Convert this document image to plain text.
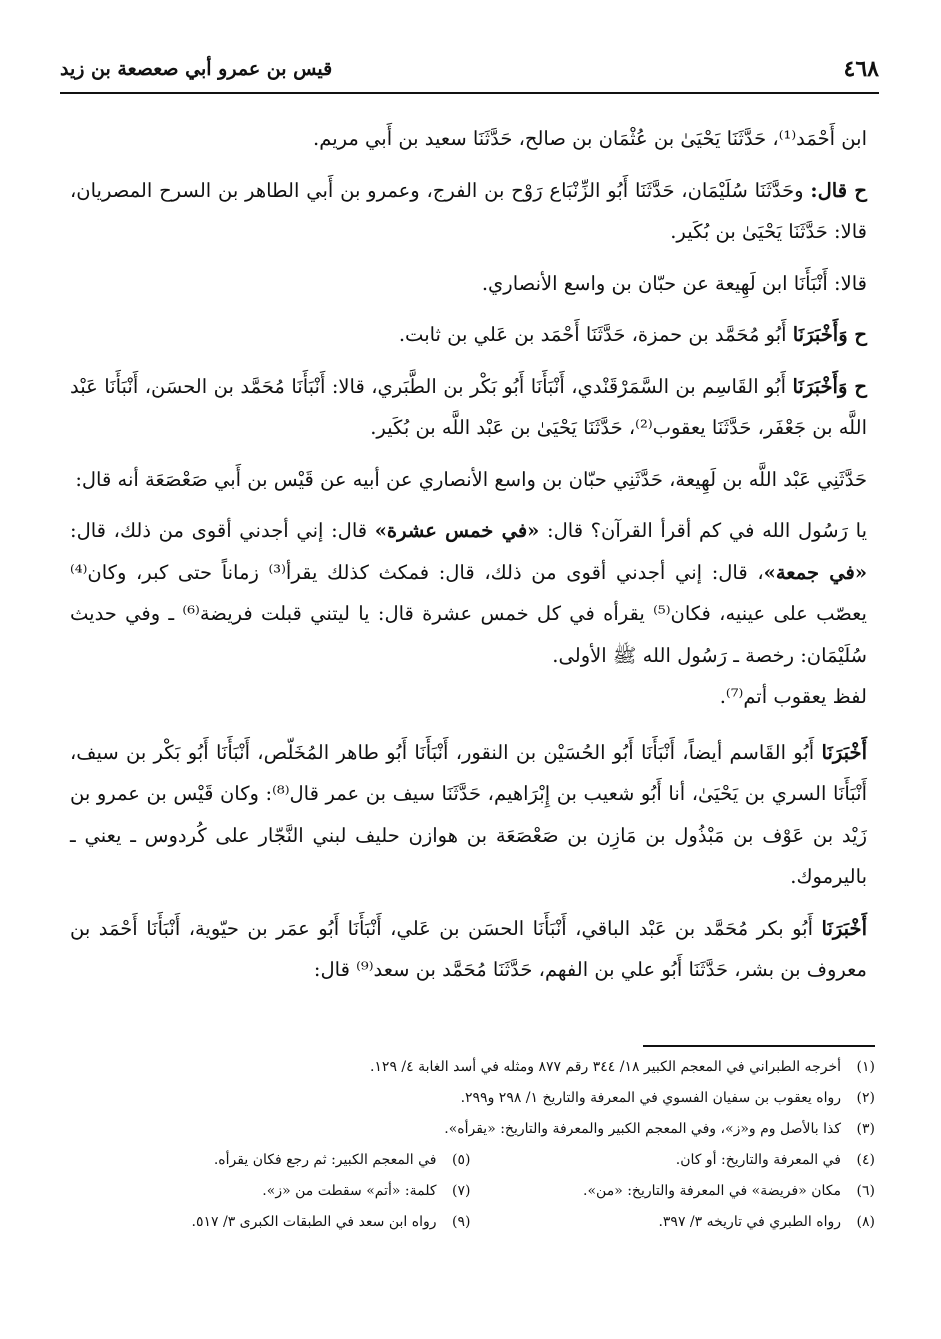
٤٦٨
قيس بن عمرو أبي صعصعة بن زيد

ابن أَحْمَد⁽¹⁾، حَدَّثَنَا يَحْيَىٰ بن عُثْمَان بن صالح، حَدَّثَنَا سعيد بن أَبي مريم.

ح قال: وحَدَّثَنَا سُلَيْمَان، حَدَّثَنَا أَبُو الزِّنْبَاع رَوْح بن الفرج، وعمرو بن أَبي الطاهر بن السرح المصريان، قالا: حَدَّثَنَا يَحْيَىٰ بن بُكَير.

قالا: أَنْبَأَنَا ابن لَهِيعة عن حبّان بن واسع الأنصاري.

ح وَأَخْبَرَنَا أَبُو مُحَمَّد بن حمزة، حَدَّثَنَا أَحْمَد بن عَلي بن ثابت.

ح وَأَخْبَرَنَا أَبُو القَاسِم بن السَّمَرْقَنْدي، أَنْبَأَنَا أَبُو بَكْر بن الطَّبَري، قالا: أَنْبَأَنَا مُحَمَّد بن الحسَن، أَنْبَأَنَا عَبْد اللَّه بن جَعْفَر، حَدَّثَنَا يعقوب⁽²⁾، حَدَّثَنَا يَحْيَىٰ بن عَبْد اللَّه بن بُكَير.

حَدَّثَنِي عَبْد اللَّه بن لَهِيعة، حَدَّثَنِي حبّان بن واسع الأنصاري عن أبيه عن قَيْس بن أَبي صَعْصَعَة أنه قال:

يا رَسُول الله في كم أقرأ القرآن؟ قال: «في خمس عشرة» قال: إني أجدني أقوى من ذلك، قال: «في جمعة»، قال: إني أجدني أقوى من ذلك، قال: فمكث كذلك يقرأ⁽³⁾ زماناً حتى كبر، وكان⁽⁴⁾ يعصّب على عينيه، فكان⁽⁵⁾ يقرأه في كل خمس عشرة قال: يا ليتني قبلت فريضة⁽⁶⁾ ـ وفي حديث سُلَيْمَان: رخصة ـ رَسُول الله ﷺ الأولى.

لفظ يعقوب أتم⁽⁷⁾.

أَخْبَرَنَا أَبُو القَاسم أيضاً، أَنْبَأَنَا أَبُو الحُسَيْن بن النقور، أَنْبَأَنَا أَبُو طاهر المُخَلّص، أَنْبَأَنَا أَبُو بَكْر بن سيف، أَنْبَأَنَا السري بن يَحْيَىٰ، أنا أَبُو شعيب بن إِبْرَاهيم، حَدَّثَنَا سيف بن عمر قال⁽⁸⁾: وكان قَيْس بن عمرو بن زَيْد بن عَوْف بن مَبْذُول بن مَازِن بن صَعْصَعَة بن هوازن حليف لبني النَّجّار على كُردوس ـ يعني ـ باليرموك.

أَخْبَرَنَا أَبُو بكر مُحَمَّد بن عَبْد الباقي، أَنْبَأَنَا الحسَن بن عَلي، أَنْبَأَنَا أَبُو عمَر بن حيّوية، أَنْبَأَنَا أَحْمَد بن معروف بن بشر، حَدَّثَنَا أَبُو علي بن الفهم، حَدَّثَنَا مُحَمَّد بن سعد⁽⁹⁾ قال:

(١)أخرجه الطبراني في المعجم الكبير ١٨/ ٣٤٤ رقم ٨٧٧ ومثله في أسد الغابة ٤/ ١٢٩.
(٢)رواه يعقوب بن سفيان الفسوي في المعرفة والتاريخ ١/ ٢٩٨ و٢٩٩.
(٣)كذا بالأصل وم و«ز»، وفي المعجم الكبير والمعرفة والتاريخ: «يقرأه».
(٤)في المعرفة والتاريخ: أو كان.
(٥)في المعجم الكبير: ثم رجع فكان يقرأه.
(٦)مكان «فريضة» في المعرفة والتاريخ: «من».
(٧)كلمة: «أتم» سقطت من «ز».
(٨)رواه الطبري في تاريخه ٣/ ٣٩٧.
(٩)رواه ابن سعد في الطبقات الكبرى ٣/ ٥١٧.
